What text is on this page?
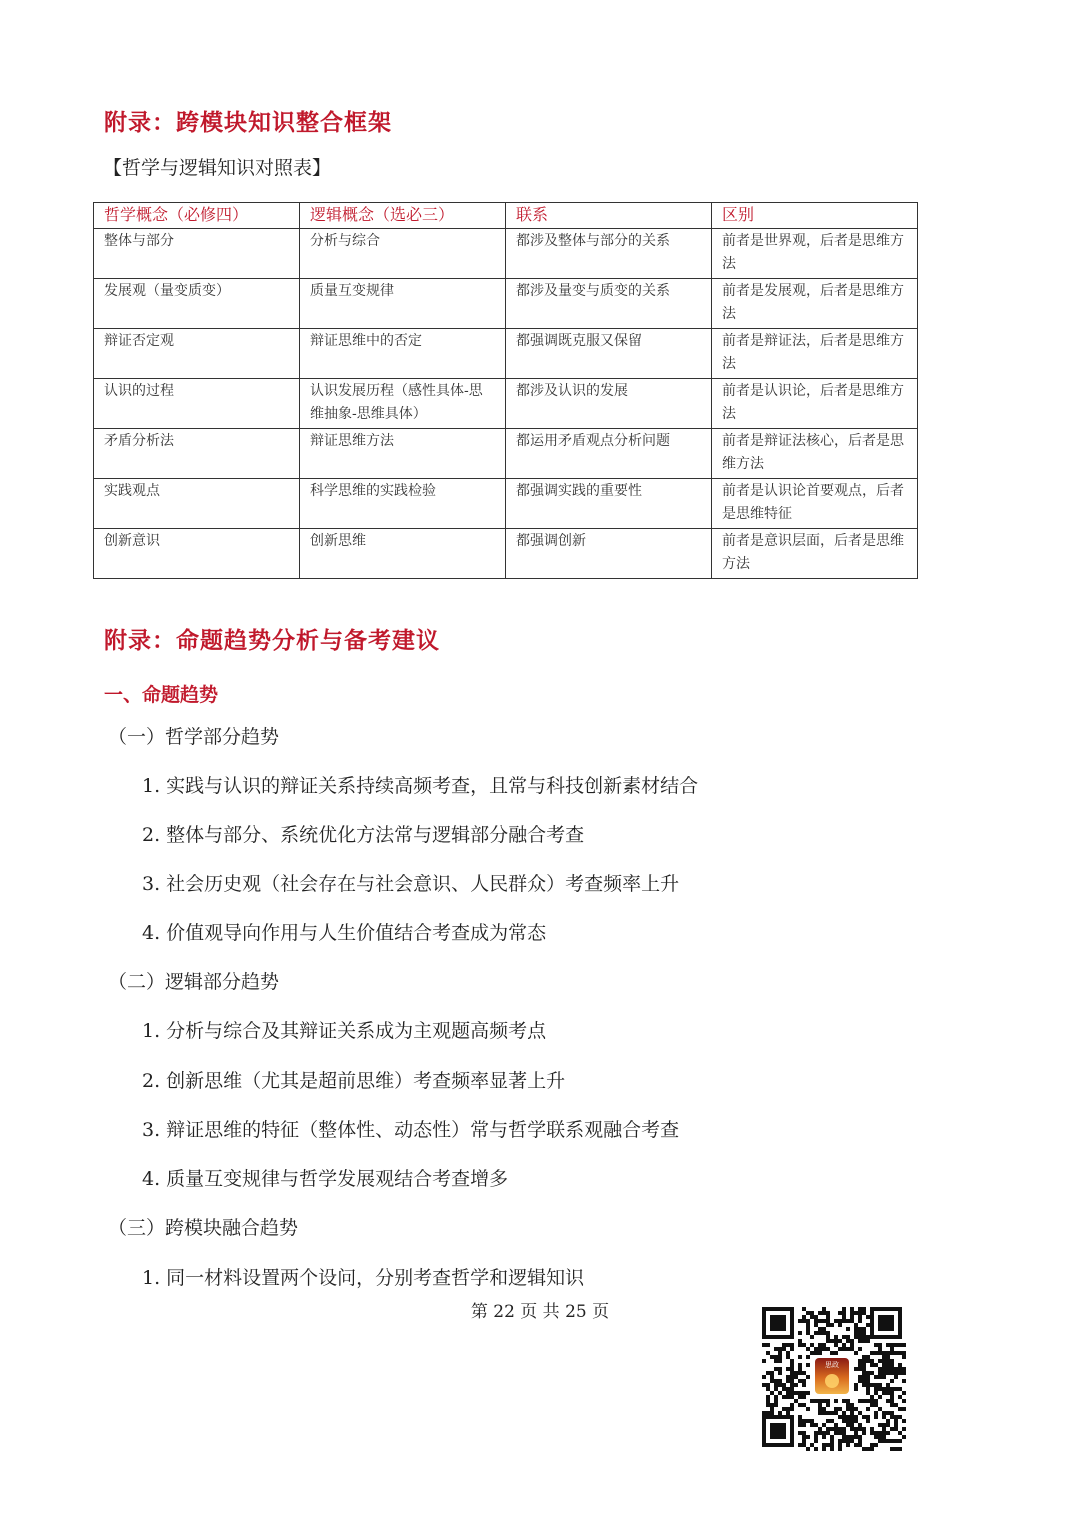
附录：跨模块知识整合框架
【哲学与逻辑知识对照表】
哲学概念（必修四）	逻辑概念（选必三）	联系	区别
整体与部分	分析与综合	都涉及整体与部分的关系	前者是世界观，后者是思维方法
发展观（量变质变）	质量互变规律	都涉及量变与质变的关系	前者是发展观，后者是思维方法
辩证否定观	辩证思维中的否定	都强调既克服又保留	前者是辩证法，后者是思维方法
认识的过程	认识发展历程（感性具体-思维抽象-思维具体）	都涉及认识的发展	前者是认识论，后者是思维方法
矛盾分析法	辩证思维方法	都运用矛盾观点分析问题	前者是辩证法核心，后者是思维方法
实践观点	科学思维的实践检验	都强调实践的重要性	前者是认识论首要观点，后者是思维特征
创新意识	创新思维	都强调创新	前者是意识层面，后者是思维方法
附录：命题趋势分析与备考建议
一、命题趋势
（一）哲学部分趋势
1. 实践与认识的辩证关系持续高频考查，且常与科技创新素材结合
2. 整体与部分、系统优化方法常与逻辑部分融合考查
3. 社会历史观（社会存在与社会意识、人民群众）考查频率上升
4. 价值观导向作用与人生价值结合考查成为常态
（二）逻辑部分趋势
1. 分析与综合及其辩证关系成为主观题高频考点
2. 创新思维（尤其是超前思维）考查频率显著上升
3. 辩证思维的特征（整体性、动态性）常与哲学联系观融合考查
4. 质量互变规律与哲学发展观结合考查增多
（三）跨模块融合趋势
1. 同一材料设置两个设问，分别考查哲学和逻辑知识
第 22 页 共 25 页
思政
